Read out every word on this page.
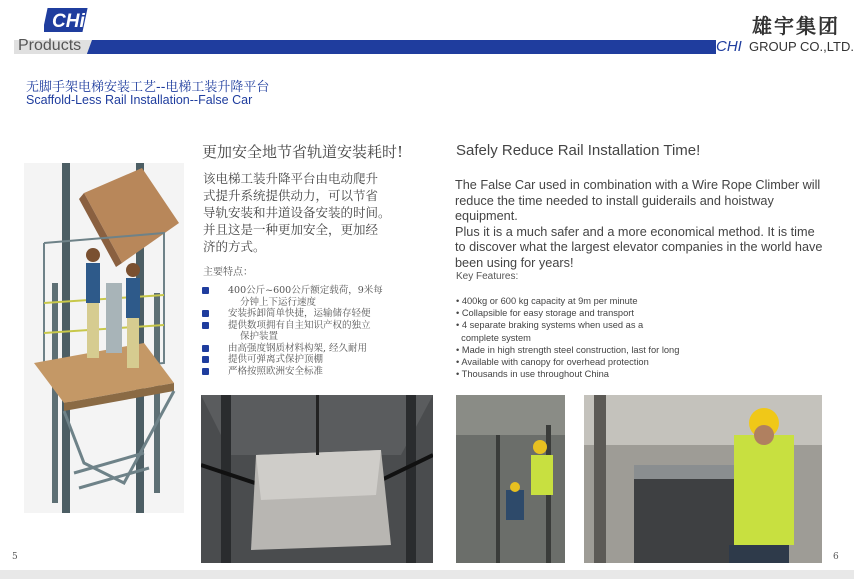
CHi	雄宇集团
Products	CHI GROUP CO.,LTD.
无脚手架电梯安装工艺--电梯工装升降平台
Scaffold-Less Rail Installation--False Car
更加安全地节省轨道安装耗时!
该电梯工装升降平台由电动爬升
式提升系统提供动力，可以节省
导轨安装和井道设备安装的时间。
并且这是一种更加安全，更加经
济的方式。
主要特点：
400公斤~600公斤额定载荷，9米每
分钟上下运行速度
安装拆卸简单快捷，运输储存轻便
提供数项拥有自主知识产权的独立
保护装置
由高强度钢质材料构架, 经久耐用
提供可弹离式保护顶棚
严格按照欧洲安全标准
Safely Reduce Rail Installation Time!
The False Car used in combination with a Wire Rope Climber will
reduce the time needed to install guiderails and hoistway equipment.
Plus it is a much safer and a more economical method. It is time
to discover what the largest elevator companies in the world have
been using for years!
Key Features:
• 400kg or 600 kg capacity at 9m per minute
• Collapsible for easy storage and transport
• 4 separate braking systems when used as a
complete system
• Made in high strength steel construction, last for long
• Available with canopy for overhead protection
• Thousands in use throughout China
5	6
